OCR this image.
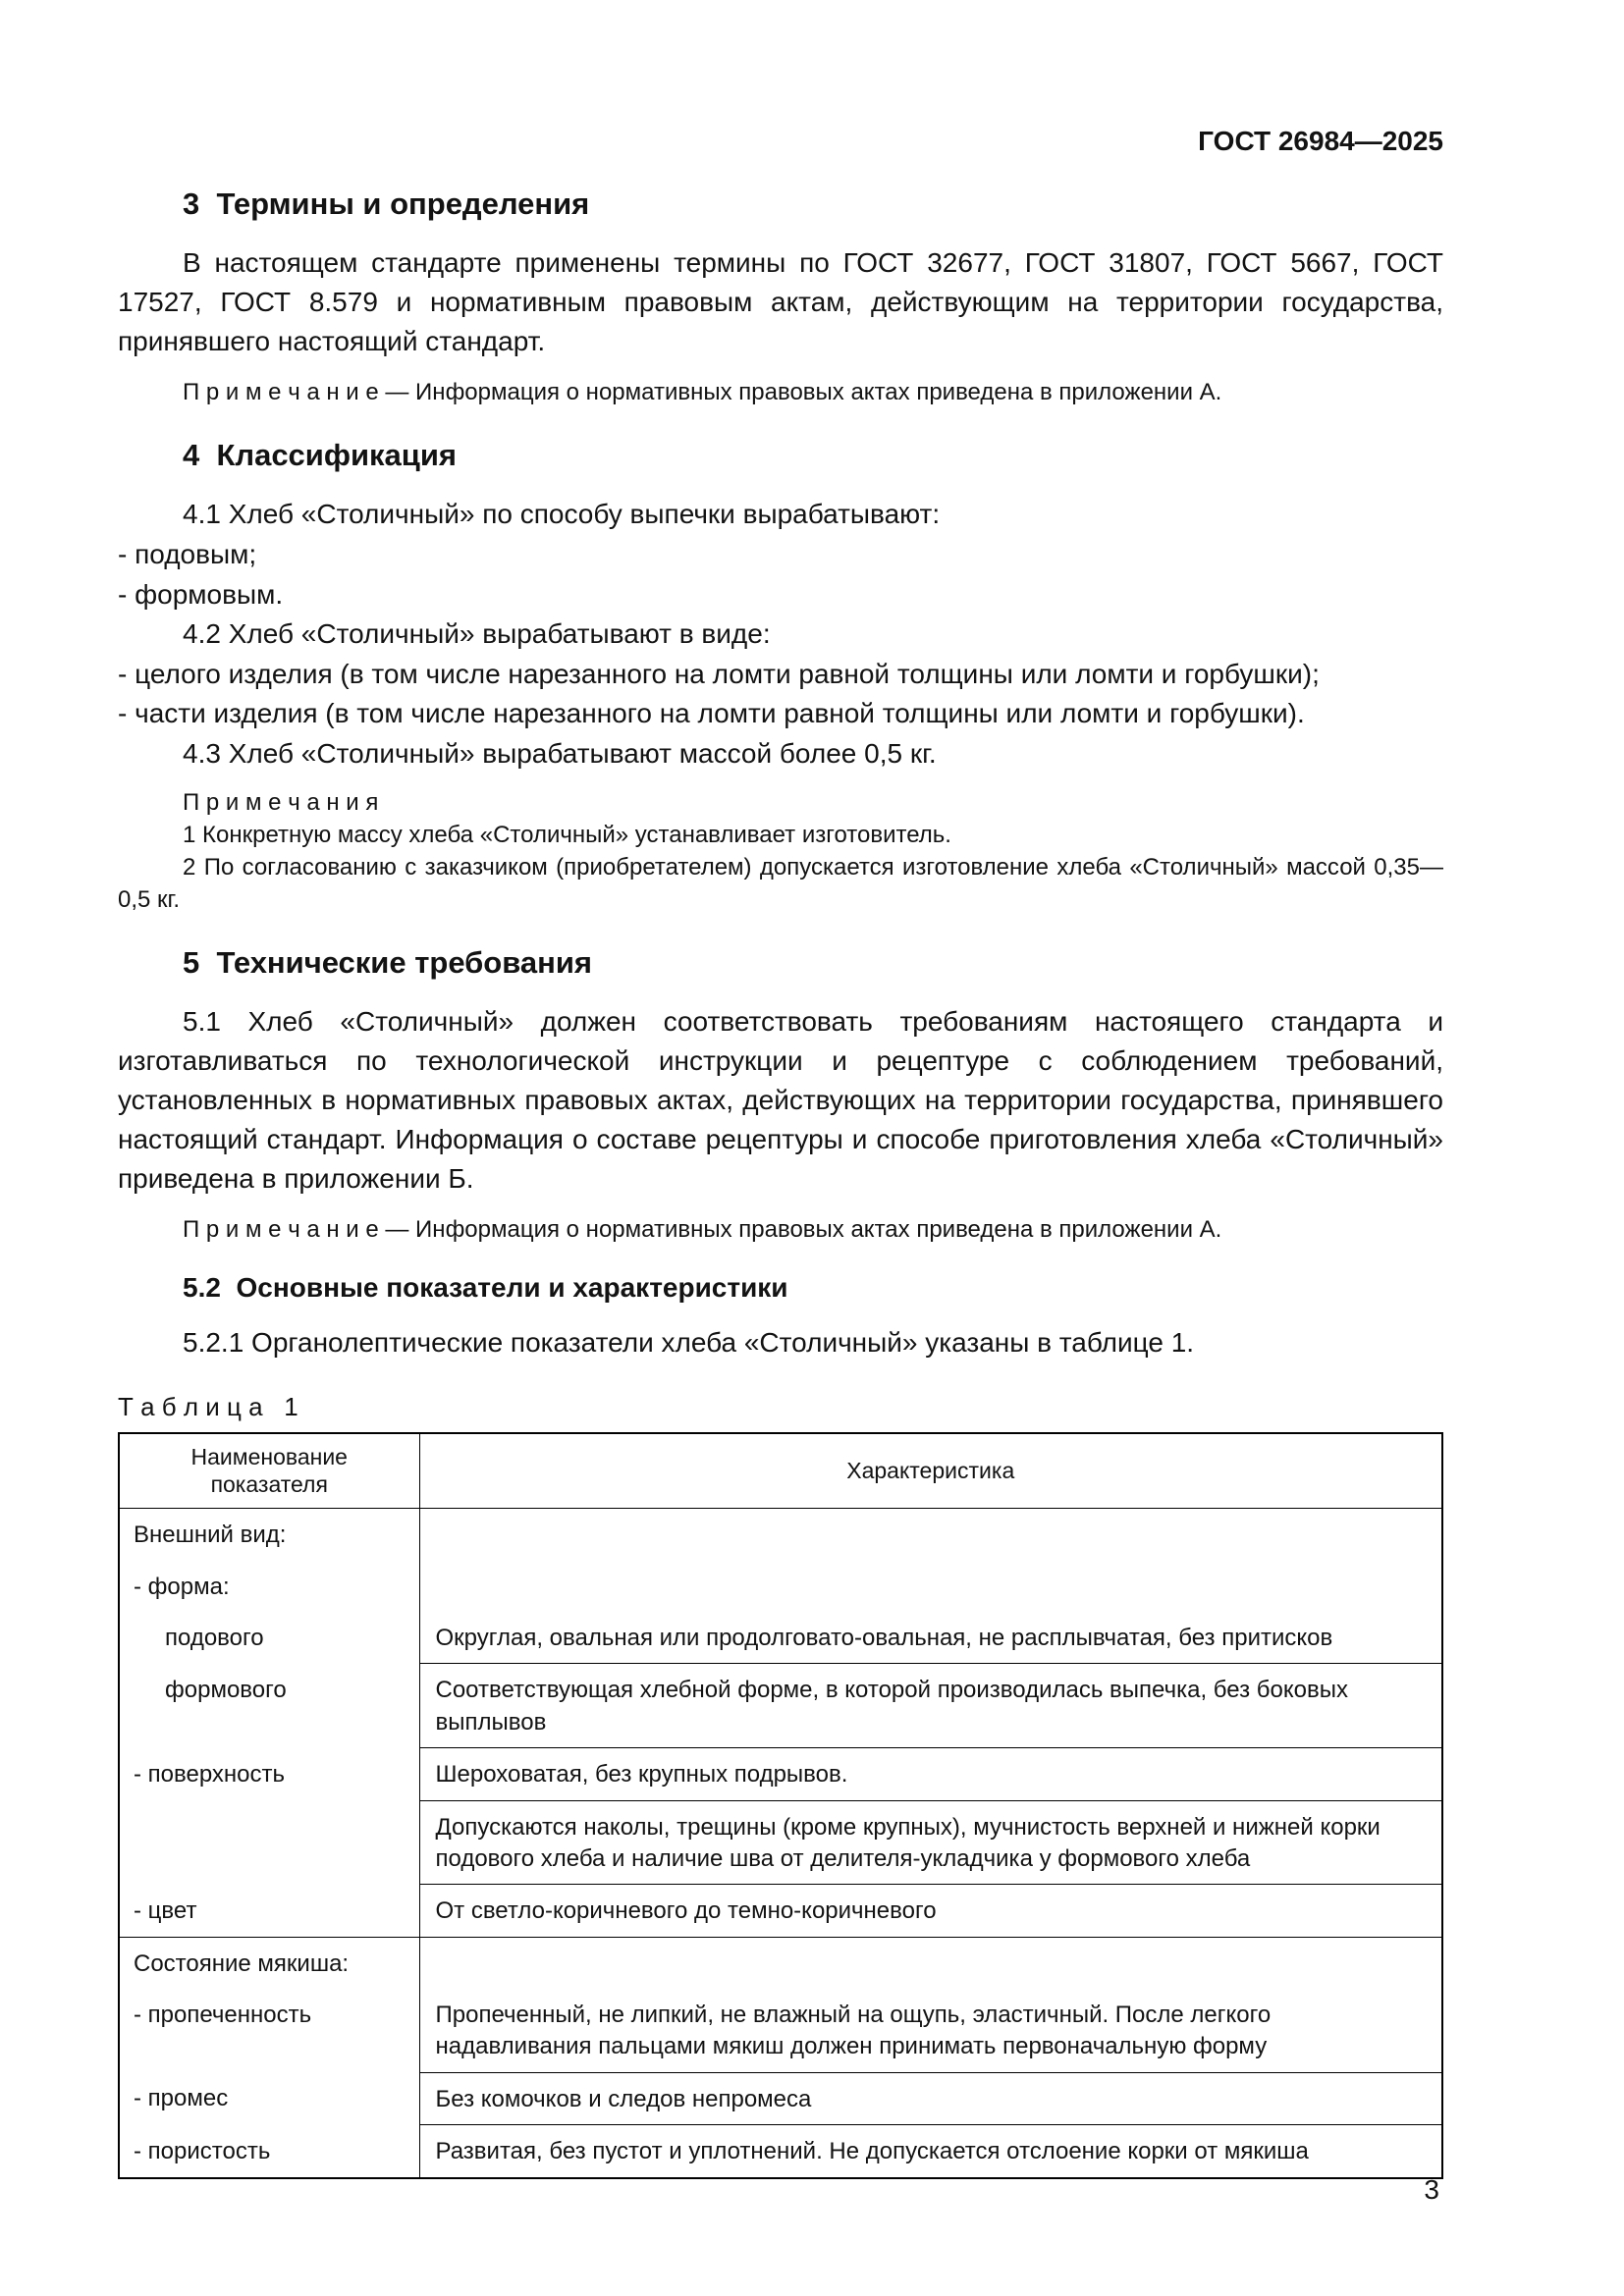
ГОСТ 26984—2025
3  Термины и определения

В настоящем стандарте применены термины по ГОСТ 32677, ГОСТ 31807, ГОСТ 5667, ГОСТ 17527, ГОСТ 8.579 и нормативным правовым актам, действующим на территории государства, принявшего настоящий стандарт.

П р и м е ч а н и е — Информация о нормативных правовых актах приведена в приложении А.

4  Классификация

4.1 Хлеб «Столичный» по способу выпечки вырабатывают:

- подовым;

- формовым.

4.2 Хлеб «Столичный» вырабатывают в виде:

- целого изделия (в том числе нарезанного на ломти равной толщины или ломти и горбушки);

- части изделия (в том числе нарезанного на ломти равной толщины или ломти и горбушки).

4.3 Хлеб «Столичный» вырабатывают массой более 0,5 кг.

П р и м е ч а н и я

1 Конкретную массу хлеба «Столичный» устанавливает изготовитель.

2 По согласованию с заказчиком (приобретателем) допускается изготовление хлеба «Столичный» массой 0,35—0,5 кг.

5  Технические требования

5.1 Хлеб «Столичный» должен соответствовать требованиям настоящего стандарта и изготавливаться по технологической инструкции и рецептуре с соблюдением требований, установленных в нормативных правовых актах, действующих на территории государства, принявшего настоящий стандарт. Информация о составе рецептуры и способе приготовления хлеба «Столичный» приведена в приложении Б.

П р и м е ч а н и е — Информация о нормативных правовых актах приведена в приложении А.

5.2  Основные показатели и характеристики

5.2.1 Органолептические показатели хлеба «Столичный» указаны в таблице 1.

Т а б л и ц а   1
Наименование показателя	Характеристика
Внешний вид:	
- форма:	
подового	Округлая, овальная или продолговато-овальная, не расплывчатая, без притисков
формового	Соответствующая хлебной форме, в которой производилась выпечка, без боковых выплывов
- поверхность	Шероховатая, без крупных подрывов.
	Допускаются наколы, трещины (кроме крупных), мучнистость верхней и нижней корки подового хлеба и наличие шва от делителя-укладчика у формового хлеба
- цвет	От светло-коричневого до темно-коричневого
Состояние мякиша:	
- пропеченность	Пропеченный, не липкий, не влажный на ощупь, эластичный. После легкого надавливания пальцами мякиш должен принимать первоначальную форму
- промес	Без комочков и следов непромеса
- пористость	Развитая, без пустот и уплотнений. Не допускается отслоение корки от мякиша
3
